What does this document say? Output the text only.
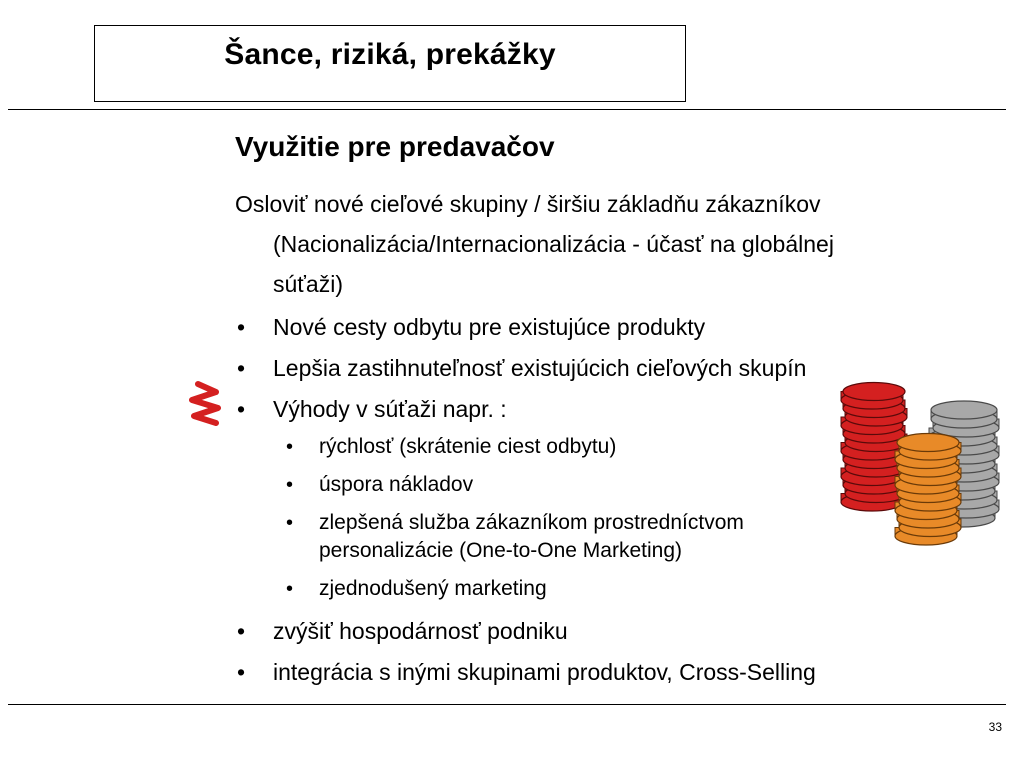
Šance, riziká, prekážky
Využitie pre predavačov
Osloviť nové cieľové skupiny / širšiu základňu zákazníkov
(Nacionalizácia/Internacionalizácia - účasť na globálnej
súťaži)
• Nové cesty odbytu pre existujúce produkty
• Lepšia zastihnuteľnosť existujúcich cieľových skupín
• Výhody v súťaži napr. :
• rýchlosť (skrátenie ciest odbytu)
• úspora nákladov
• zlepšená služba zákazníkom prostredníctvom personalizácie (One-to-One Marketing)
• zjednodušený marketing
• zvýšiť hospodárnosť podniku
• integrácia s inými skupinami produktov, Cross-Selling
33
